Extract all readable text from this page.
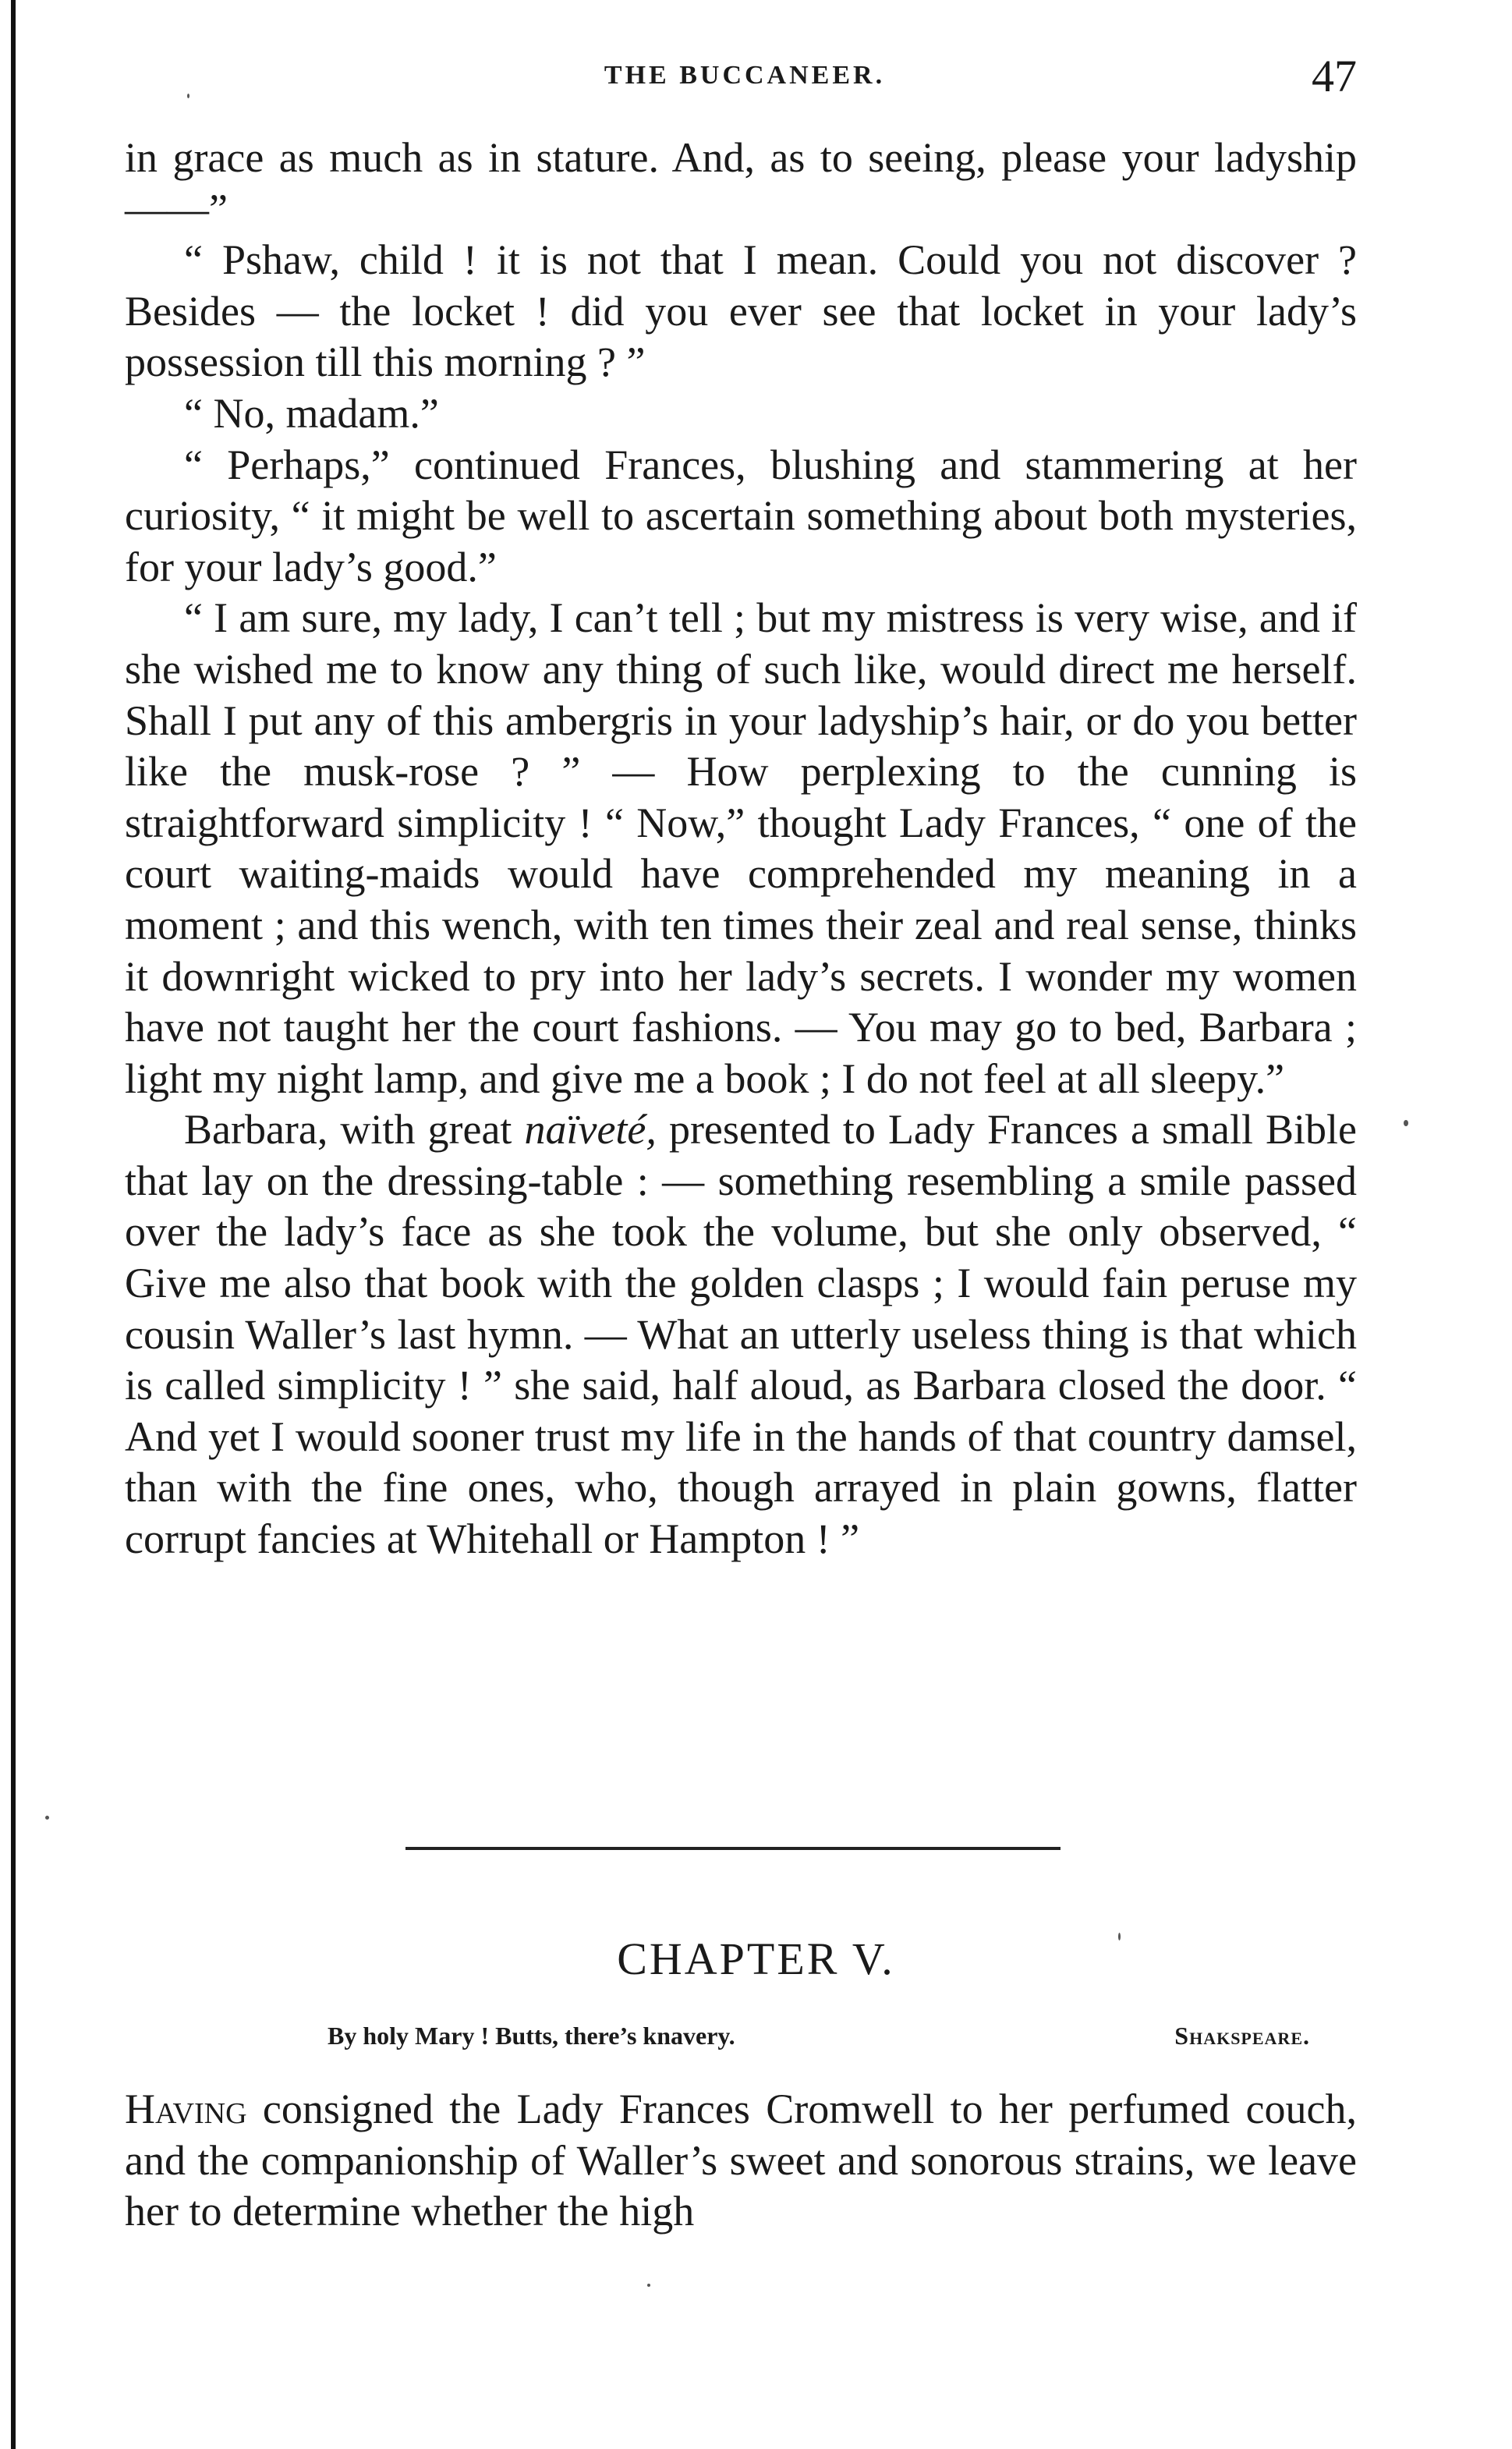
THE BUCCANEER.	47

in grace as much as in stature. And, as to seeing, please your ladyship ——”

“ Pshaw, child ! it is not that I mean. Could you not discover ? Besides — the locket ! did you ever see that locket in your lady’s possession till this morning ? ”

“ No, madam.”

“ Perhaps,” continued Frances, blushing and stammering at her curiosity, “ it might be well to ascertain something about both mysteries, for your lady’s good.”

“ I am sure, my lady, I can’t tell ; but my mistress is very wise, and if she wished me to know any thing of such like, would direct me herself. Shall I put any of this ambergris in your ladyship’s hair, or do you better like the musk-rose ? ” — How perplexing to the cunning is straightforward simplicity ! “ Now,” thought Lady Frances, “ one of the court waiting-maids would have comprehended my meaning in a moment ; and this wench, with ten times their zeal and real sense, thinks it downright wicked to pry into her lady’s secrets. I wonder my women have not taught her the court fashions. — You may go to bed, Barbara ; light my night lamp, and give me a book ; I do not feel at all sleepy.”

Barbara, with great naïveté, presented to Lady Frances a small Bible that lay on the dressing-table : — something resembling a smile passed over the lady’s face as she took the volume, but she only observed, “ Give me also that book with the golden clasps ; I would fain peruse my cousin Waller’s last hymn. — What an utterly useless thing is that which is called simplicity ! ” she said, half aloud, as Barbara closed the door. “ And yet I would sooner trust my life in the hands of that country damsel, than with the fine ones, who, though arrayed in plain gowns, flatter corrupt fancies at Whitehall or Hampton ! ”

CHAPTER V.
By holy Mary ! Butts, there’s knavery.	Shakspeare.

Having consigned the Lady Frances Cromwell to her perfumed couch, and the companionship of Waller’s sweet and sonorous strains, we leave her to determine whether the high
